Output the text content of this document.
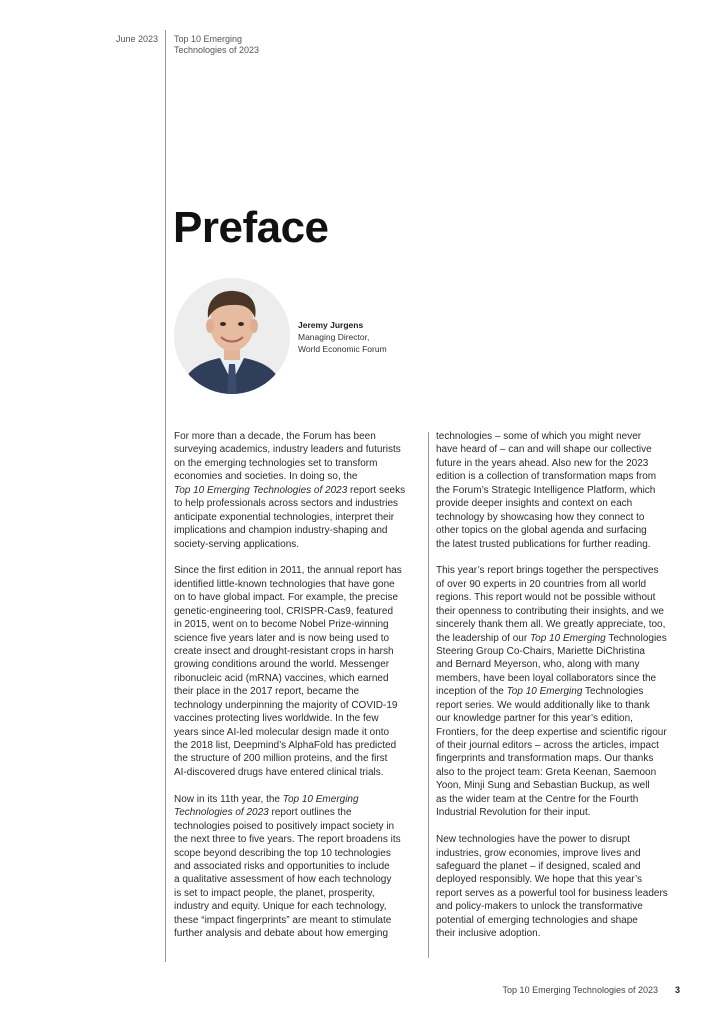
June 2023 Top 10 Emerging
Technologies of 2023
Preface
Jeremy Jurgens
Managing Director,
World Economic Forum

For more than a decade, the Forum has been
surveying academics, industry leaders and futurists
on the emerging technologies set to transform
economies and societies. In doing so, the
Top 10 Emerging Technologies of 2023 report seeks
to help professionals across sectors and industries
anticipate exponential technologies, interpret their
implications and champion industry-shaping and
society-serving applications.

Since the first edition in 2011, the annual report has
identified little-known technologies that have gone
on to have global impact. For example, the precise
genetic-engineering tool, CRISPR-Cas9, featured
in 2015, went on to become Nobel Prize-winning
science five years later and is now being used to
create insect and drought-resistant crops in harsh
growing conditions around the world. Messenger
ribonucleic acid (mRNA) vaccines, which earned
their place in the 2017 report, became the
technology underpinning the majority of COVID-19
vaccines protecting lives worldwide. In the few
years since AI-led molecular design made it onto
the 2018 list, Deepmind’s AlphaFold has predicted
the structure of 200 million proteins, and the first
AI-discovered drugs have entered clinical trials.

Now in its 11th year, the Top 10 Emerging
Technologies of 2023 report outlines the
technologies poised to positively impact society in
the next three to five years. The report broadens its
scope beyond describing the top 10 technologies
and associated risks and opportunities to include
a qualitative assessment of how each technology
is set to impact people, the planet, prosperity,
industry and equity. Unique for each technology,
these “impact fingerprints” are meant to stimulate
further analysis and debate about how emerging

technologies – some of which you might never
have heard of – can and will shape our collective
future in the years ahead. Also new for the 2023
edition is a collection of transformation maps from
the Forum’s Strategic Intelligence Platform, which
provide deeper insights and context on each
technology by showcasing how they connect to
other topics on the global agenda and surfacing
the latest trusted publications for further reading.

This year’s report brings together the perspectives
of over 90 experts in 20 countries from all world
regions. This report would not be possible without
their openness to contributing their insights, and we
sincerely thank them all. We greatly appreciate, too,
the leadership of our Top 10 Emerging Technologies
Steering Group Co-Chairs, Mariette DiChristina
and Bernard Meyerson, who, along with many
members, have been loyal collaborators since the
inception of the Top 10 Emerging Technologies
report series. We would additionally like to thank
our knowledge partner for this year’s edition,
Frontiers, for the deep expertise and scientific rigour
of their journal editors – across the articles, impact
fingerprints and transformation maps. Our thanks
also to the project team: Greta Keenan, Saemoon
Yoon, Minji Sung and Sebastian Buckup, as well
as the wider team at the Centre for the Fourth
Industrial Revolution for their input.

New technologies have the power to disrupt
industries, grow economies, improve lives and
safeguard the planet – if designed, scaled and
deployed responsibly. We hope that this year’s
report serves as a powerful tool for business leaders
and policy-makers to unlock the transformative
potential of emerging technologies and shape
their inclusive adoption.

Top 10 Emerging Technologies of 2023 3
